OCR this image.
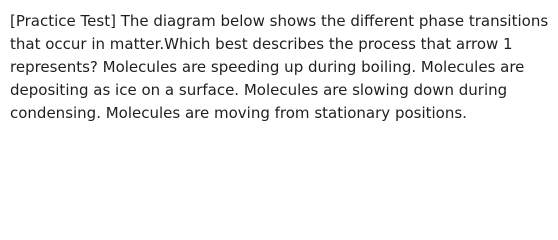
[Practice Test] The diagram below shows the different phase transitions that occur in matter.Which best describes the process that arrow 1 represents? Molecules are speeding up during boiling. Molecules are depositing as ice on a surface. Molecules are slowing down during condensing. Molecules are moving from stationary positions.
